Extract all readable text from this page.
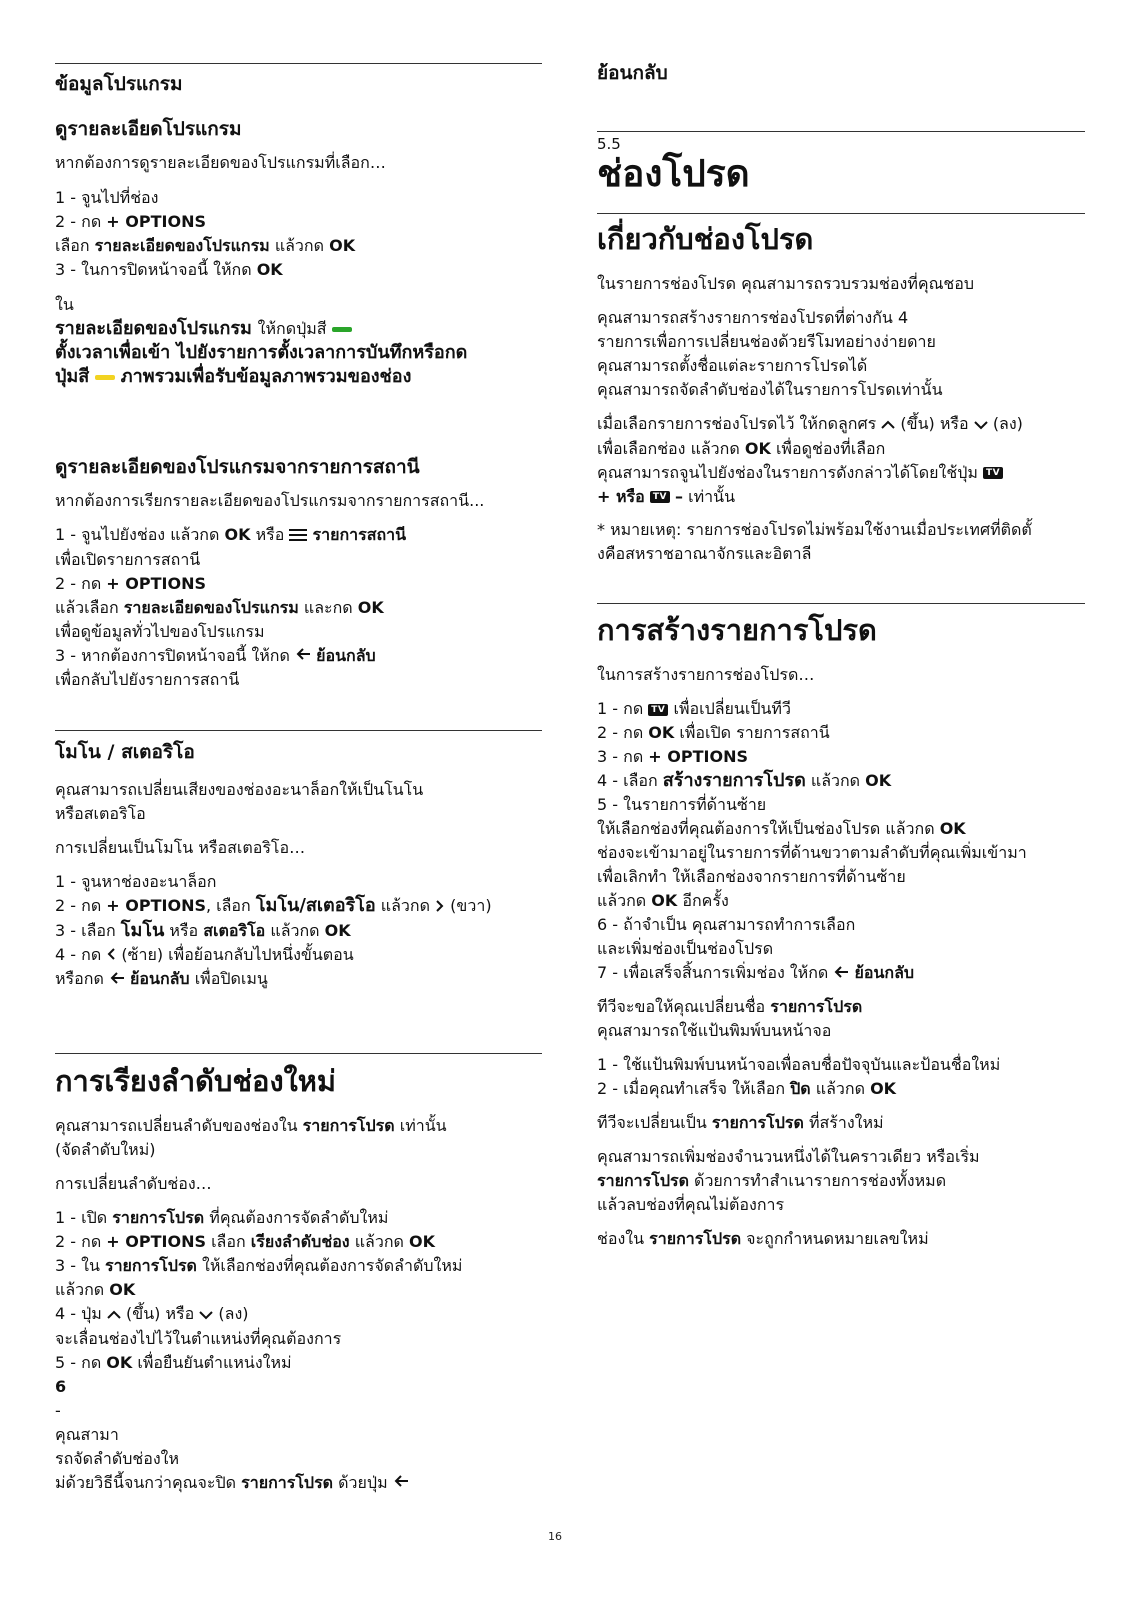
ข้อมูลโปรแกรม
ดูรายละเอียดโปรแกรม
หากต้องการดูรายละเอียดของโปรแกรมที่เลือก…
1 - จูนไปที่ช่อง
2 - กด + OPTIONS
เลือก รายละเอียดของโปรแกรม แล้วกด OK
3 - ในการปิดหน้าจอนี้ ให้กด OK
ใน
รายละเอียดของโปรแกรม ให้กดปุ่มสี
ตั้งเวลาเพื่อเข้า ไปยังรายการตั้งเวลาการบันทึกหรือกด
ปุ่มสี ภาพรวมเพื่อรับข้อมูลภาพรวมของช่อง
ดูรายละเอียดของโปรแกรมจากรายการสถานี
หากต้องการเรียกรายละเอียดของโปรแกรมจากรายการสถานี...
1 - จูนไปยังช่อง แล้วกด OK หรือ รายการสถานี
เพื่อเปิดรายการสถานี
2 - กด + OPTIONS
แล้วเลือก รายละเอียดของโปรแกรม และกด OK
เพื่อดูข้อมูลทั่วไปของโปรแกรม
3 - หากต้องการปิดหน้าจอนี้ ให้กด ย้อนกลับ
เพื่อกลับไปยังรายการสถานี
โมโน / สเตอริโอ
คุณสามารถเปลี่ยนเสียงของช่องอะนาล็อกให้เป็นโนโน
หรือสเตอริโอ
การเปลี่ยนเป็นโมโน หรือสเตอริโอ…
1 - จูนหาช่องอะนาล็อก
2 - กด + OPTIONS, เลือก โมโน/สเตอริโอ แล้วกด (ขวา)
3 - เลือก โมโน หรือ สเตอริโอ แล้วกด OK
4 - กด (ซ้าย) เพื่อย้อนกลับไปหนึ่งขั้นตอน
หรือกด ย้อนกลับ เพื่อปิดเมนู
การเรียงลำดับช่องใหม่
คุณสามารถเปลี่ยนลำดับของช่องใน รายการโปรด เท่านั้น
(จัดลำดับใหม่)
การเปลี่ยนลำดับช่อง…
1 - เปิด รายการโปรด ที่คุณต้องการจัดลำดับใหม่
2 - กด + OPTIONS เลือก เรียงลำดับช่อง แล้วกด OK
3 - ใน รายการโปรด ให้เลือกช่องที่คุณต้องการจัดลำดับใหม่
แล้วกด OK
4 - ปุ่ม (ขึ้น) หรือ (ลง)
จะเลื่อนช่องไปไว้ในตำแหน่งที่คุณต้องการ
5 - กด OK เพื่อยืนยันตำแหน่งใหม่
6
-
คุณสามา
รถจัดลำดับช่องให
ม่ด้วยวิธีนี้จนกว่าคุณจะปิด รายการโปรด ด้วยปุ่ม
ย้อนกลับ
5.5
ช่องโปรด
เกี่ยวกับช่องโปรด
ในรายการช่องโปรด คุณสามารถรวบรวมช่องที่คุณชอบ
คุณสามารถสร้างรายการช่องโปรดที่ต่างกัน 4
รายการเพื่อการเปลี่ยนช่องด้วยรีโมทอย่างง่ายดาย
คุณสามารถตั้งชื่อแต่ละรายการโปรดได้
คุณสามารถจัดลำดับช่องได้ในรายการโปรดเท่านั้น
เมื่อเลือกรายการช่องโปรดไว้ ให้กดลูกศร (ขึ้น) หรือ (ลง)
เพื่อเลือกช่อง แล้วกด OK เพื่อดูช่องที่เลือก
คุณสามารถจูนไปยังช่องในรายการดังกล่าวได้โดยใช้ปุ่ม TV
+ หรือ TV – เท่านั้น
* หมายเหตุ: รายการช่องโปรดไม่พร้อมใช้งานเมื่อประเทศที่ติดตั้
งคือสหราชอาณาจักรและอิตาลี
การสร้างรายการโปรด
ในการสร้างรายการช่องโปรด…
1 - กด TV เพื่อเปลี่ยนเป็นทีวี
2 - กด OK เพื่อเปิด รายการสถานี
3 - กด + OPTIONS
4 - เลือก สร้างรายการโปรด แล้วกด OK
5 - ในรายการที่ด้านซ้าย
ให้เลือกช่องที่คุณต้องการให้เป็นช่องโปรด แล้วกด OK
ช่องจะเข้ามาอยู่ในรายการที่ด้านขวาตามลำดับที่คุณเพิ่มเข้ามา
เพื่อเลิกทำ ให้เลือกช่องจากรายการที่ด้านซ้าย
แล้วกด OK อีกครั้ง
6 - ถ้าจำเป็น คุณสามารถทำการเลือก
และเพิ่มช่องเป็นช่องโปรด
7 - เพื่อเสร็จสิ้นการเพิ่มช่อง ให้กด ย้อนกลับ
ทีวีจะขอให้คุณเปลี่ยนชื่อ รายการโปรด
คุณสามารถใช้แป้นพิมพ์บนหน้าจอ
1 - ใช้แป้นพิมพ์บนหน้าจอเพื่อลบชื่อปัจจุบันและป้อนชื่อใหม่
2 - เมื่อคุณทำเสร็จ ให้เลือก ปิด แล้วกด OK
ทีวีจะเปลี่ยนเป็น รายการโปรด ที่สร้างใหม่
คุณสามารถเพิ่มช่องจำนวนหนึ่งได้ในคราวเดียว หรือเริ่ม
รายการโปรด ด้วยการทำสำเนารายการช่องทั้งหมด
แล้วลบช่องที่คุณไม่ต้องการ
ช่องใน รายการโปรด จะถูกกำหนดหมายเลขใหม่
16
